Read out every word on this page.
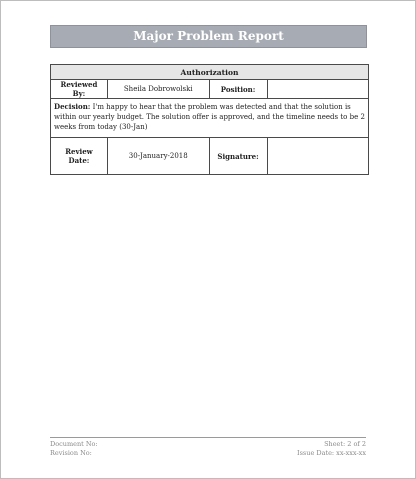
Major Problem Report
Authorization			
Reviewed By:	Sheila Dobrowolski	Position:	
Decision: I'm happy to hear that the problem was detected and that the solution is within our yearly budget. The solution offer is approved, and the timeline needs to be 2 weeks from today (30-Jan)			
Review Date:	30-January-2018	Signature:	
Document No:	Sheet: 2 of 2
Revision No:	Issue Date: xx-xxx-xx
